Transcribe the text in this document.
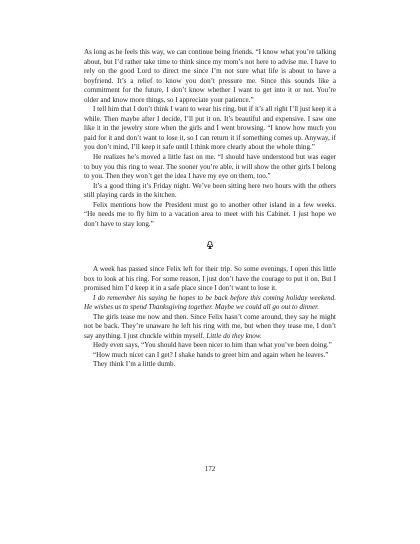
As long as he feels this way, we can continue being friends. “I know what you’re talking about, but I’d rather take time to think since my mom’s not here to advise me. I have to rely on the good Lord to direct me since I’m not sure what life is about to have a boyfriend. It’s a relief to know you don’t pressure me. Since this sounds like a commitment for the future, I don’t know whether I want to get into it or not. You’re older and know more things, so I appreciate your patience.”

I tell him that I don’t think I want to wear his ring, but if it’s all right I’ll just keep it a while. Then maybe after I decide, I’ll put it on. It’s beautiful and expensive. I saw one like it in the jewelry store when the girls and I went browsing. “I know how much you paid for it and don’t want to lose it, so I can return it if something comes up. Anyway, if you don’t mind, I’ll keep it safe until I think more clearly about the whole thing.”

He realizes he’s moved a little fast on me. “I should have understood but was eager to buy you this ring to wear. The sooner you’re able, it will show the other girls I belong to you. Then they won’t get the idea I have my eye on them, too.”

It’s a good thing it’s Friday night. We’ve been sitting here two hours with the others still playing cards in the kitchen.

Felix mentions how the President must go to another other island in a few weeks. “He needs me to fly him to a vacation area to meet with his Cabinet. I just hope we don’t have to stay long.”

A week has passed since Felix left for their trip. So some evenings, I open this little box to look at his ring. For some reason, I just don’t have the courage to put it on. But I promised him I’d keep it in a safe place since I don’t want to lose it.

I do remember his saying he hopes to be back before this coming holiday weekend. He wishes us to spend Thanksgiving together. Maybe we could all go out to dinner.

The girls tease me now and then. Since Felix hasn’t come around, they say he might not be back. They’re unaware he left his ring with me, but when they tease me, I don’t say anything. I just chuckle within myself. Little do they know.

Hedy even says, “You should have been nicer to him than what you’ve been doing.”

“How much nicer can I get? I shake hands to greet him and again when he leaves.”

They think I’m a little dumb.

172
